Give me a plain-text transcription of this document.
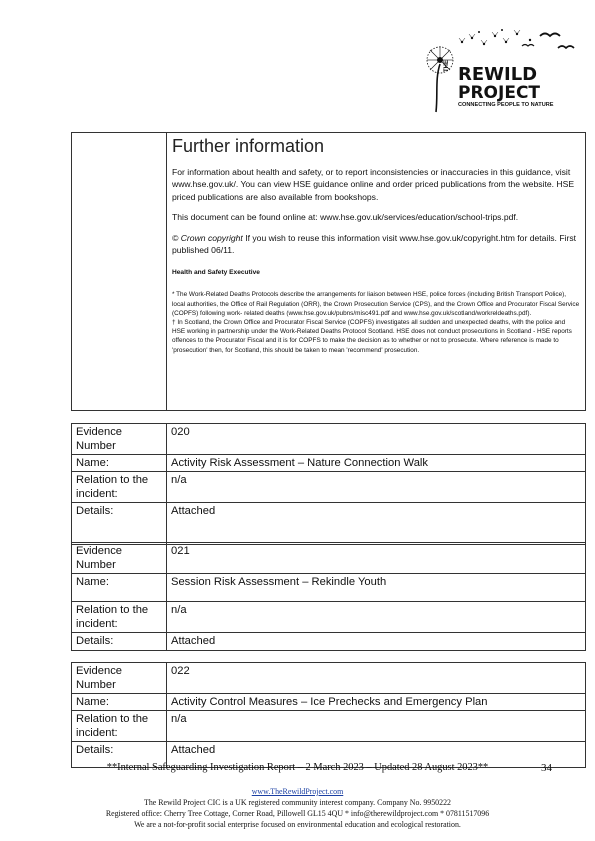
THE REWILD
PROJECT
CONNECTING PEOPLE TO NATURE

Further information

For information about health and safety, or to report inconsistencies or inaccuracies in this guidance, visit www.hse.gov.uk/. You can view HSE guidance online and order priced publications from the website. HSE priced publications are also available from bookshops.

This document can be found online at: www.hse.gov.uk/services/education/school-trips.pdf.

© Crown copyright If you wish to reuse this information visit www.hse.gov.uk/copyright.htm for details. First published 06/11.

Health and Safety Executive

* The Work-Related Deaths Protocols describe the arrangements for liaison between HSE, police forces (including British Transport Police), local authorities, the Office of Rail Regulation (ORR), the Crown Prosecution Service (CPS), and the Crown Office and Procurator Fiscal Service (COPFS) following work- related deaths (www.hse.gov.uk/pubns/misc491.pdf and www.hse.gov.uk/scotland/workreldeaths.pdf).

† In Scotland, the Crown Office and Procurator Fiscal Service (COPFS) investigates all sudden and unexpected deaths, with the police and HSE working in partnership under the Work-Related Deaths Protocol Scotland. HSE does not conduct prosecutions in Scotland - HSE reports offences to the Procurator Fiscal and it is for COPFS to make the decision as to whether or not to prosecute. Where reference is made to 'prosecution' then, for Scotland, this should be taken to mean 'recommend' prosecution.

Evidence Number	020
Name:	Activity Risk Assessment – Nature Connection Walk
Relation to the incident:	n/a
Details:	Attached
Evidence Number	021
Name:	Session Risk Assessment – Rekindle Youth
Relation to the incident:	n/a
Details:	Attached
Evidence Number	022
Name:	Activity Control Measures – Ice Prechecks and Emergency Plan
Relation to the incident:	n/a
Details:	Attached
**Internal Safeguarding Investigation Report – 2 March 2023 – Updated 28 August 2023**	34
www.TheRewildProject.com
The Rewild Project CIC is a UK registered community interest company. Company No. 9950222
Registered office: Cherry Tree Cottage, Corner Road, Pillowell GL15 4QU * info@therewildproject.com * 07811517096
We are a not-for-profit social enterprise focused on environmental education and ecological restoration.
